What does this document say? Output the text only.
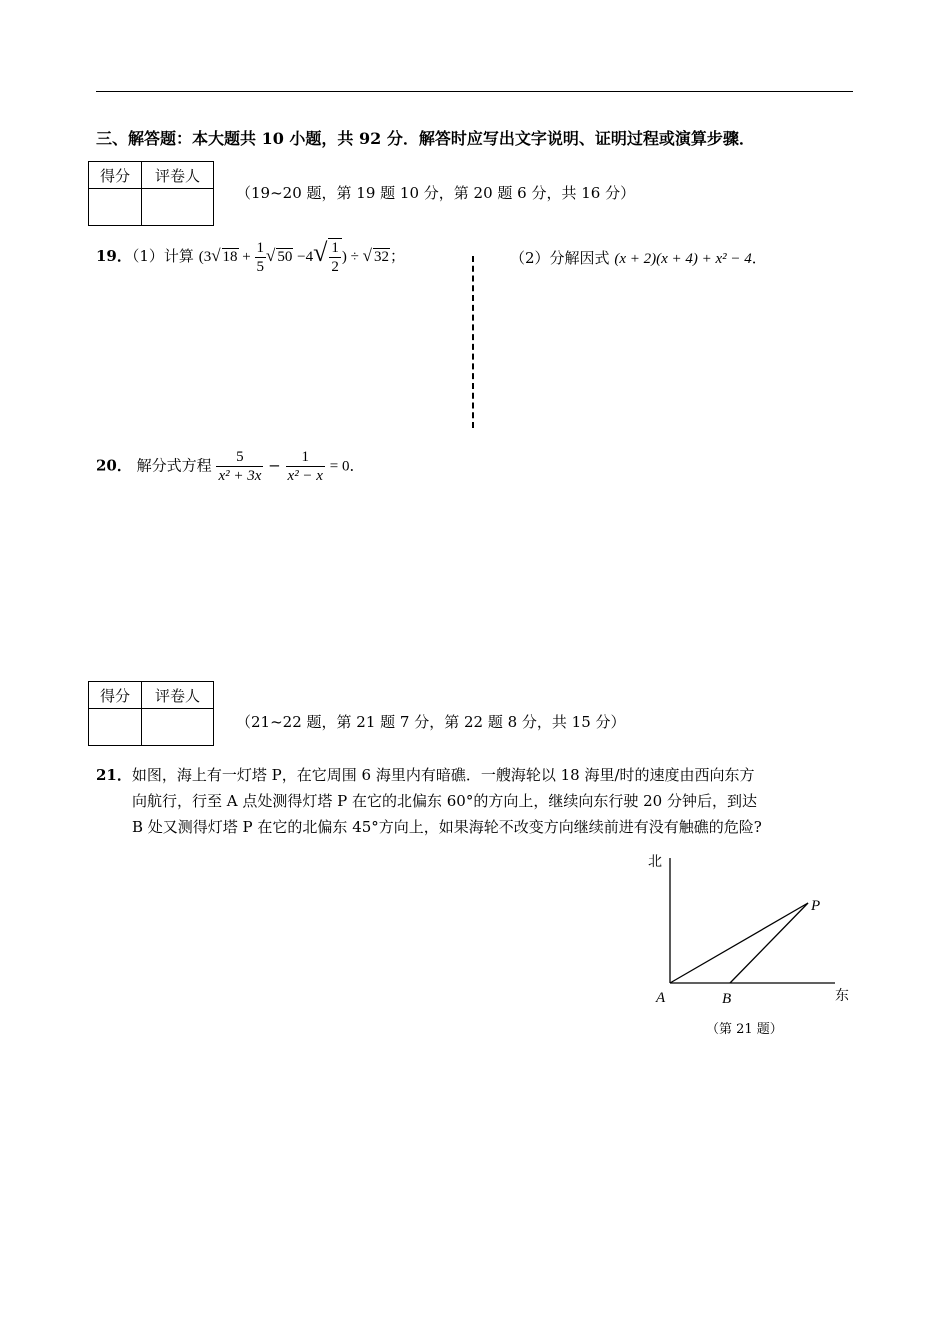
三、解答题：本大题共 10 小题，共 92 分．解答时应写出文字说明、证明过程或演算步骤．
得分	评卷人

（19~20 题，第 19 题 10 分，第 20 题 6 分，共 16 分）
19．（1）计算 (3√ $18 + \frac{1}{5}$ √ $50 -4√ \frac{1}{2}$ ) ÷ √ 32；	（2）分解因式 (x + 2)(x + 4) + x² − 4．
20． 解分式方程 $\frac{5}{\text{x² + 3x}} - \frac{1}{\text{x² − x}} = 0$．
得分	评卷人

（21~22 题，第 21 题 7 分，第 22 题 8 分，共 15 分）
21．如图，海上有一灯塔 P，在它周围 6 海里内有暗礁．一艘海轮以 18 海里/时的速度由西向东方
向航行，行至 A 点处测得灯塔 P 在它的北偏东 60°的方向上，继续向东行驶 20 分钟后，到达
B 处又测得灯塔 P 在它的北偏东 45°方向上，如果海轮不改变方向继续前进有没有触礁的危险?
北
东
A	B
P
（第 21 题）
